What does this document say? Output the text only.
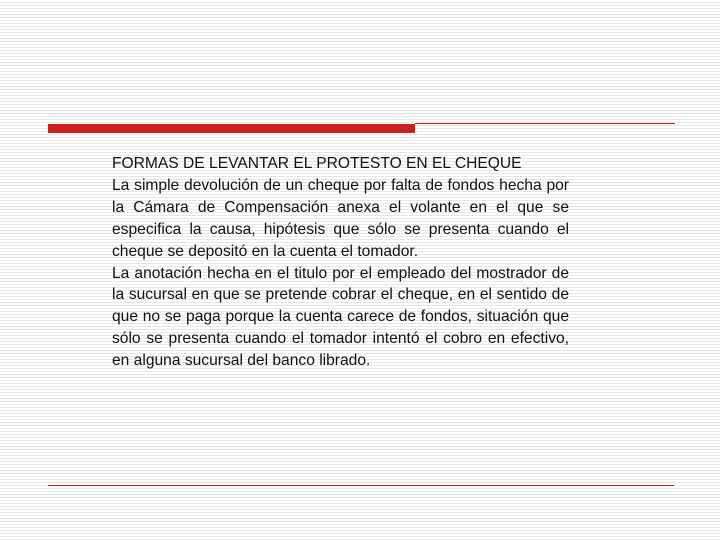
FORMAS DE LEVANTAR EL PROTESTO EN EL CHEQUE

La simple devolución de un cheque por falta de fondos hecha por la Cámara de Compensación anexa el volante en el que se especifica la causa, hipótesis que sólo se presenta cuando el cheque se depositó en la cuenta el tomador.

La anotación hecha en el titulo por el empleado del mostrador de la sucursal en que se pretende cobrar el cheque, en el sentido de que no se paga porque la cuenta carece de fondos, situación que sólo se presenta cuando el tomador intentó el cobro en efectivo, en alguna sucursal del banco librado.
